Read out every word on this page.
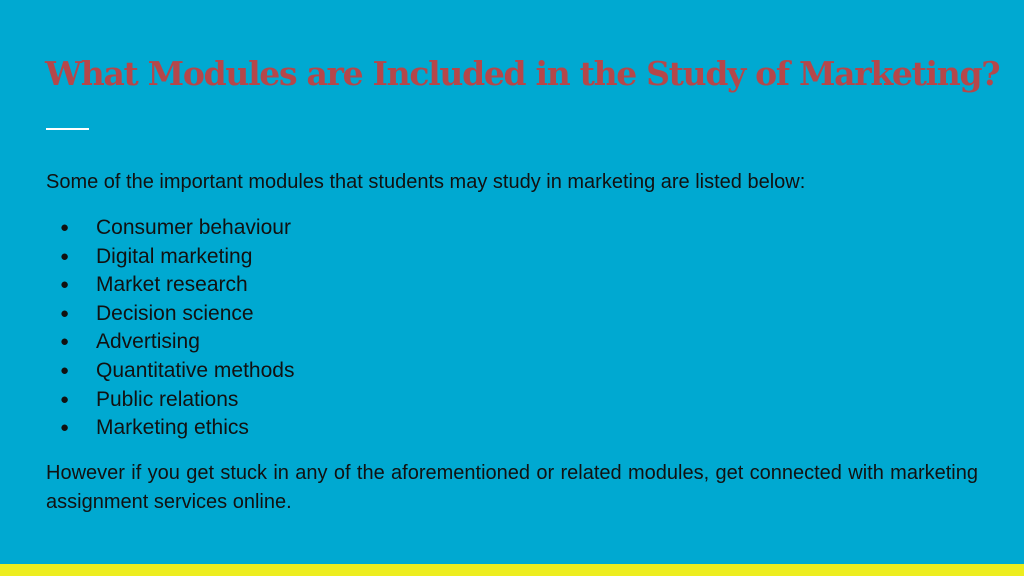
What Modules are Included in the Study of Marketing?

Some of the important modules that students may study in marketing are listed below:

● Consumer behaviour
● Digital marketing
● Market research
● Decision science
● Advertising
● Quantitative methods
● Public relations
● Marketing ethics

However if you get stuck in any of the aforementioned or related modules, get connected with marketing assignment services online.
